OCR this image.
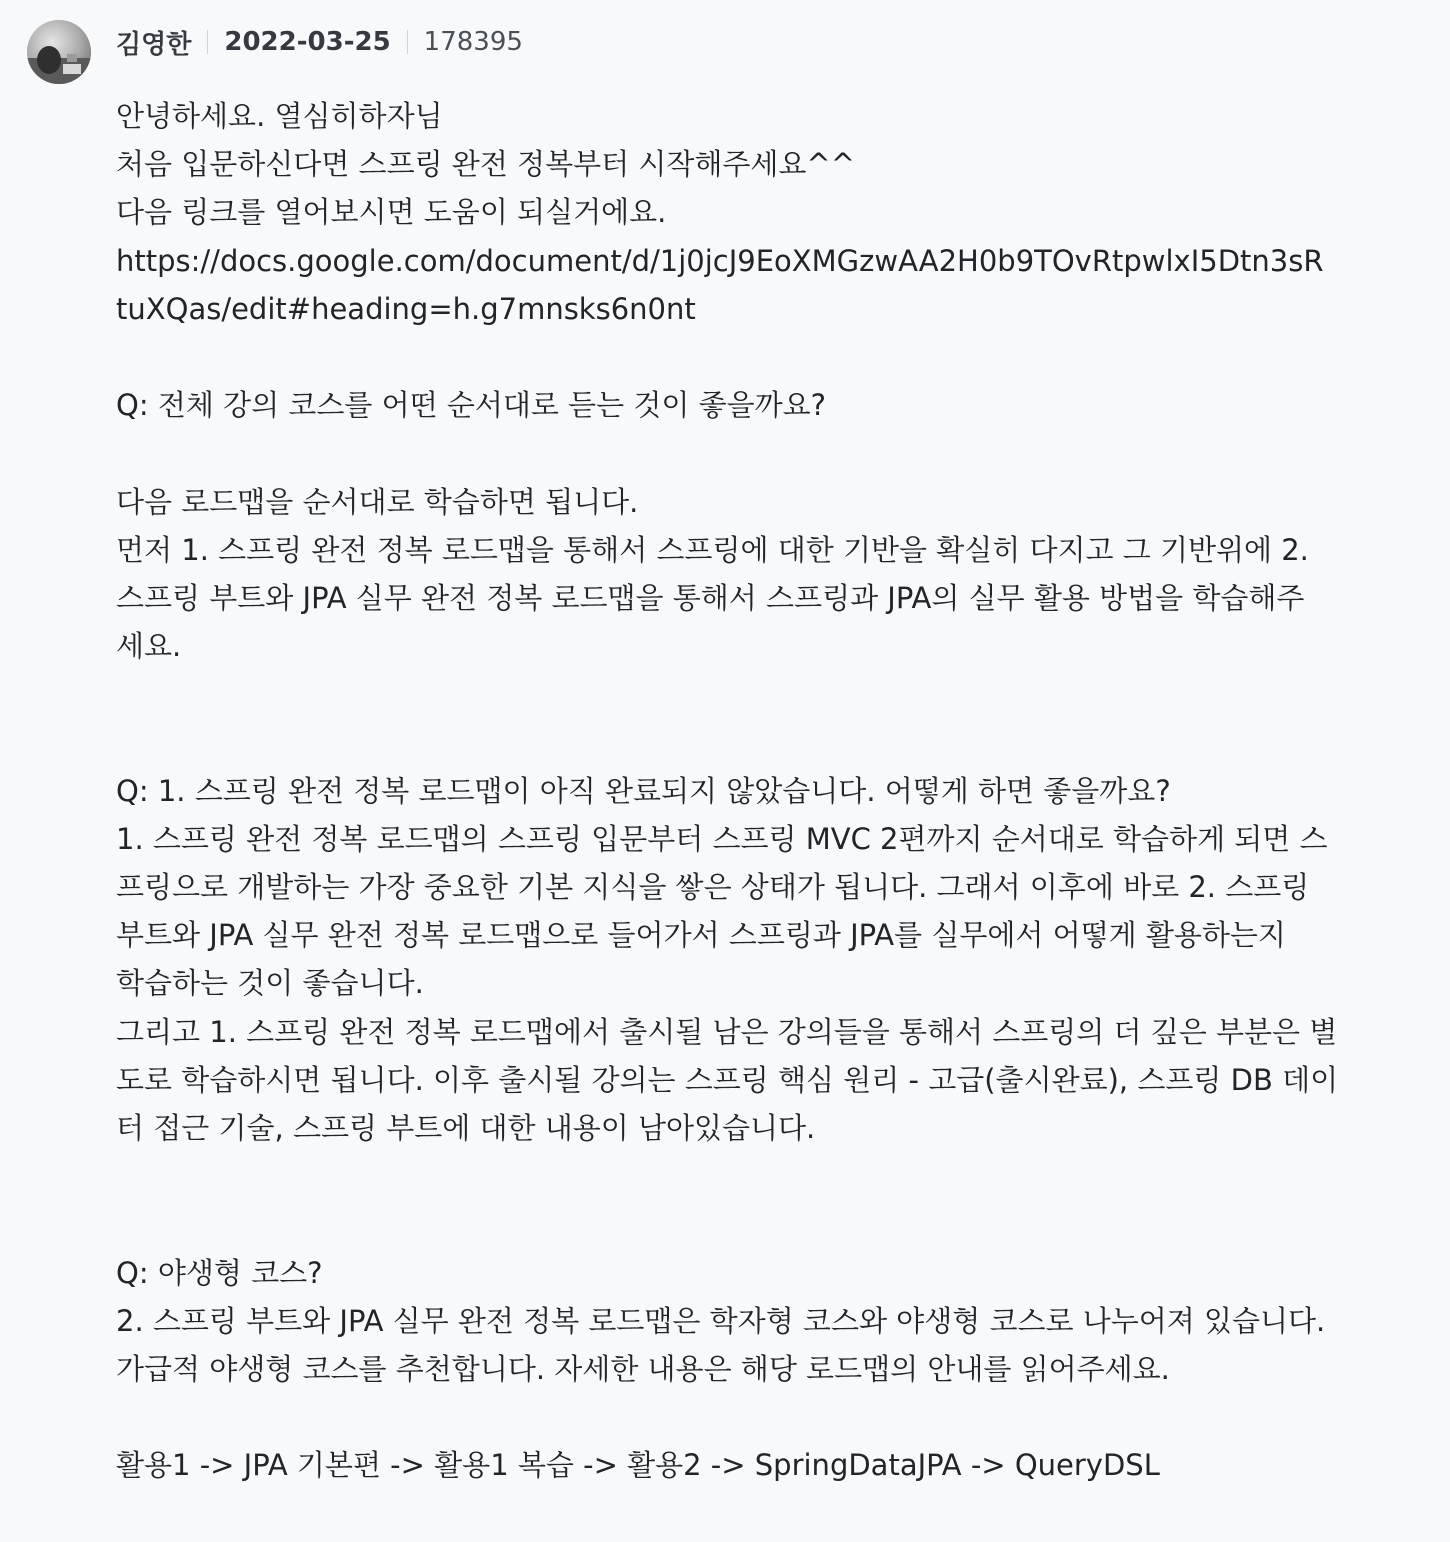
김영한 2022-03-25 178395
안녕하세요. 열심히하자님
처음 입문하신다면 스프링 완전 정복부터 시작해주세요^^
다음 링크를 열어보시면 도움이 되실거에요.
https://docs.google.com/document/d/1j0jcJ9EoXMGzwAA2H0b9TOvRtpwlxI5Dtn3sR
tuXQas/edit#heading=h.g7mnsks6n0nt
Q: 전체 강의 코스를 어떤 순서대로 듣는 것이 좋을까요?
다음 로드맵을 순서대로 학습하면 됩니다.
먼저 1. 스프링 완전 정복 로드맵을 통해서 스프링에 대한 기반을 확실히 다지고 그 기반위에 2.
스프링 부트와 JPA 실무 완전 정복 로드맵을 통해서 스프링과 JPA의 실무 활용 방법을 학습해주
세요.
Q: 1. 스프링 완전 정복 로드맵이 아직 완료되지 않았습니다. 어떻게 하면 좋을까요?
1. 스프링 완전 정복 로드맵의 스프링 입문부터 스프링 MVC 2편까지 순서대로 학습하게 되면 스
프링으로 개발하는 가장 중요한 기본 지식을 쌓은 상태가 됩니다. 그래서 이후에 바로 2. 스프링
부트와 JPA 실무 완전 정복 로드맵으로 들어가서 스프링과 JPA를 실무에서 어떻게 활용하는지
학습하는 것이 좋습니다.
그리고 1. 스프링 완전 정복 로드맵에서 출시될 남은 강의들을 통해서 스프링의 더 깊은 부분은 별
도로 학습하시면 됩니다. 이후 출시될 강의는 스프링 핵심 원리 - 고급(출시완료), 스프링 DB 데이
터 접근 기술, 스프링 부트에 대한 내용이 남아있습니다.
Q: 야생형 코스?
2. 스프링 부트와 JPA 실무 완전 정복 로드맵은 학자형 코스와 야생형 코스로 나누어져 있습니다.
가급적 야생형 코스를 추천합니다. 자세한 내용은 해당 로드맵의 안내를 읽어주세요.
활용1 -> JPA 기본편 -> 활용1 복습 -> 활용2 -> SpringDataJPA -> QueryDSL
